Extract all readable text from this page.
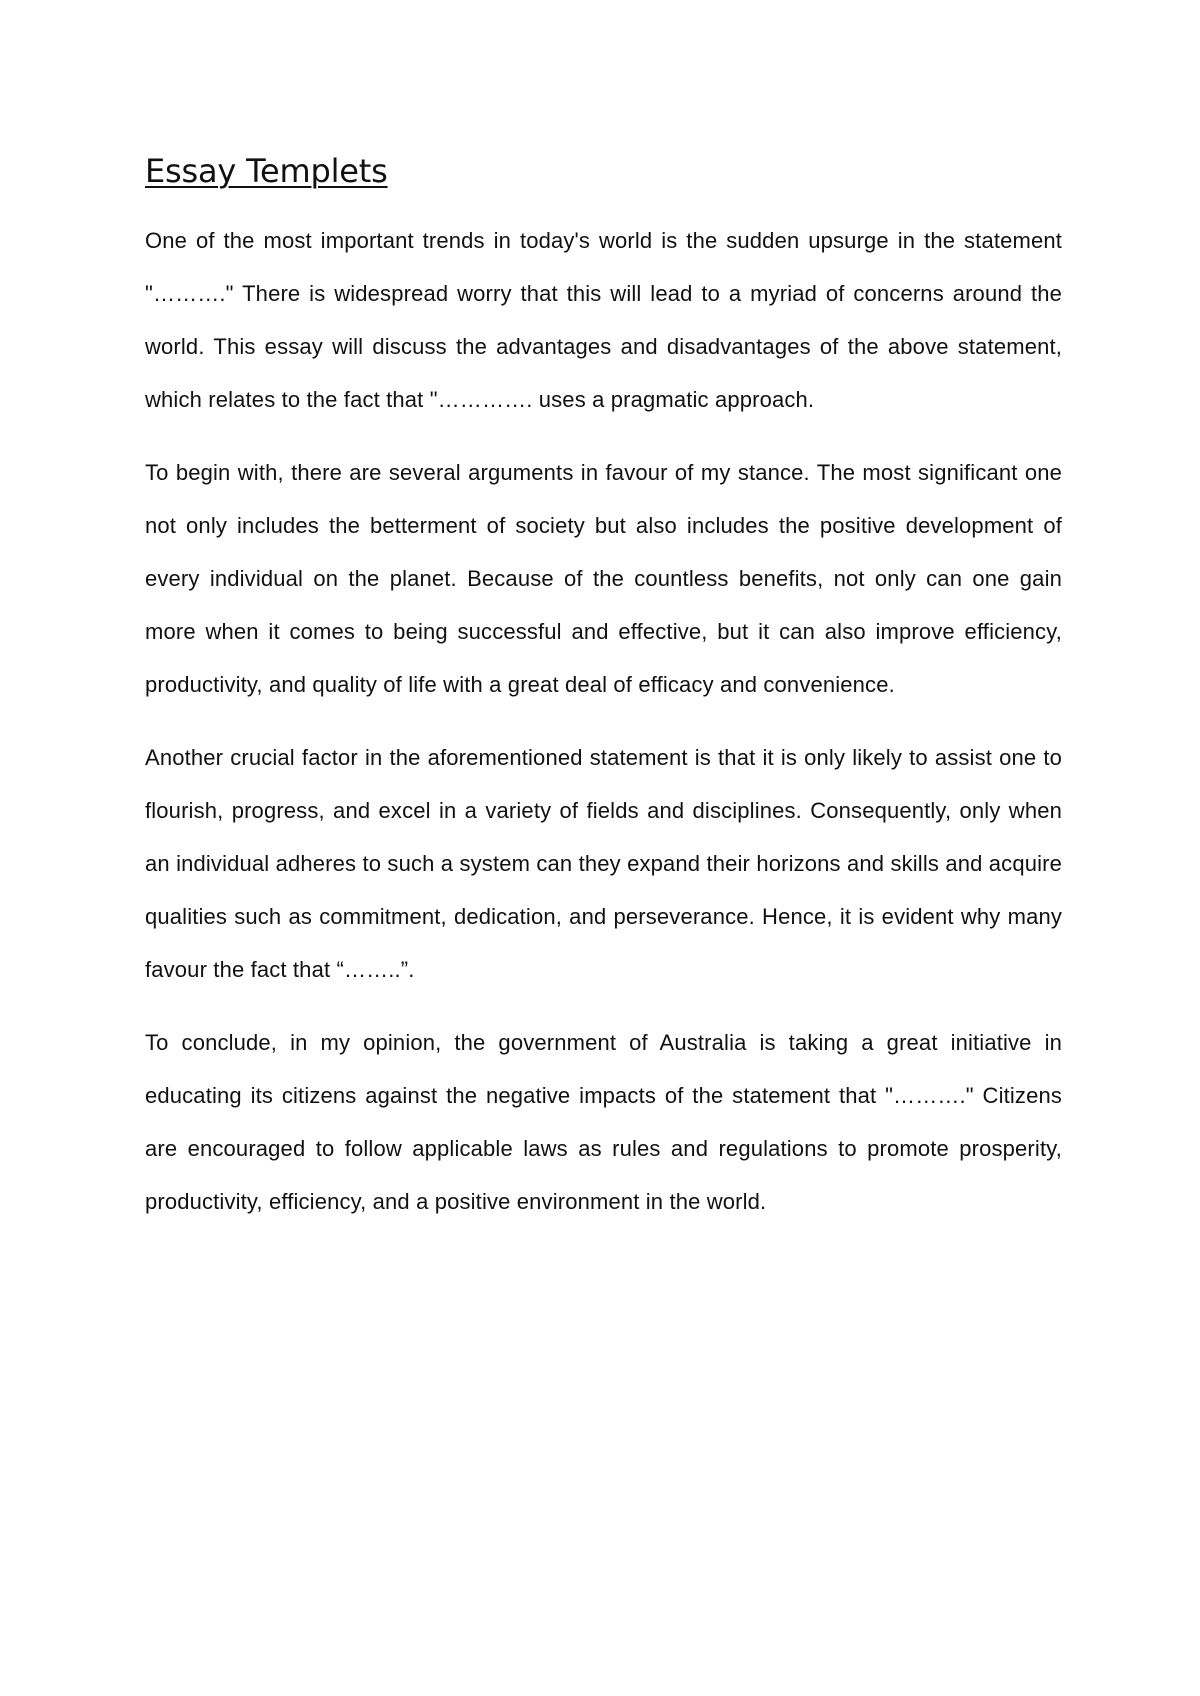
Essay Templets

One of the most important trends in today's world is the sudden upsurge in the statement "………." There is widespread worry that this will lead to a myriad of concerns around the world. This essay will discuss the advantages and disadvantages of the above statement, which relates to the fact that "…………. uses a pragmatic approach.

To begin with, there are several arguments in favour of my stance. The most significant one not only includes the betterment of society but also includes the positive development of every individual on the planet. Because of the countless benefits, not only can one gain more when it comes to being successful and effective, but it can also improve efficiency, productivity, and quality of life with a great deal of efficacy and convenience.

Another crucial factor in the aforementioned statement is that it is only likely to assist one to flourish, progress, and excel in a variety of fields and disciplines. Consequently, only when an individual adheres to such a system can they expand their horizons and skills and acquire qualities such as commitment, dedication, and perseverance. Hence, it is evident why many favour the fact that “……..”.

To conclude, in my opinion, the government of Australia is taking a great initiative in educating its citizens against the negative impacts of the statement that "………." Citizens are encouraged to follow applicable laws as rules and regulations to promote prosperity, productivity, efficiency, and a positive environment in the world.
